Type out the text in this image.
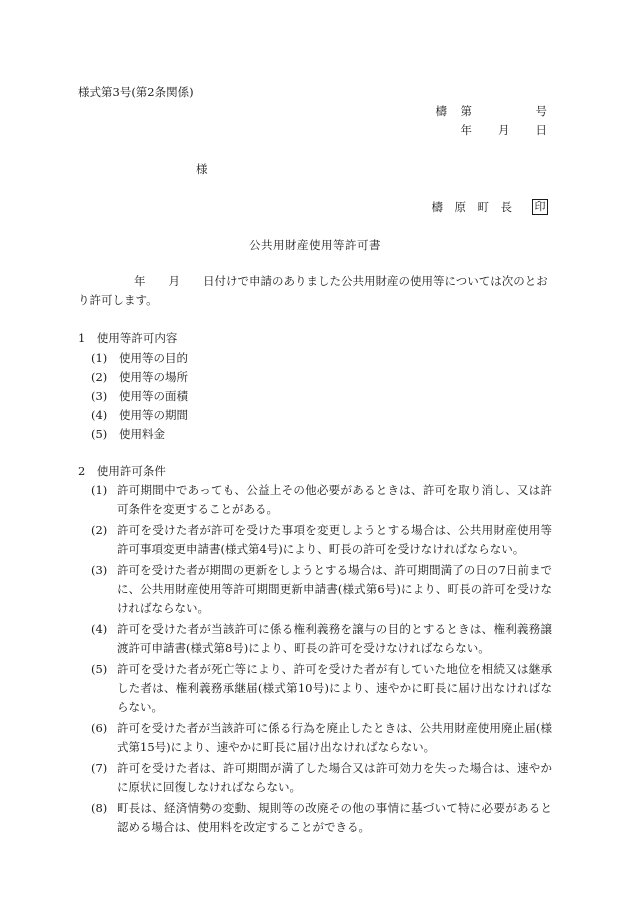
様式第3号(第2条関係)
檮　第　　　　　号
年　　月　　日
様
檮　原　町　長 印
公共用財産使用等許可書
年　　月　　日付けで申請のありました公共用財産の使用等については次のとおり許可します。
1　使用等許可内容
(1)	使用等の目的
(2)	使用等の場所
(3)	使用等の面積
(4)	使用等の期間
(5)	使用料金
2　使用許可条件
(1) 許可期間中であっても、公益上その他必要があるときは、許可を取り消し、又は許可条件を変更することがある。
(2) 許可を受けた者が許可を受けた事項を変更しようとする場合は、公共用財産使用等許可事項変更申請書(様式第4号)により、町長の許可を受けなければならない。
(3) 許可を受けた者が期間の更新をしようとする場合は、許可期間満了の日の7日前までに、公共用財産使用等許可期間更新申請書(様式第6号)により、町長の許可を受けなければならない。
(4) 許可を受けた者が当該許可に係る権利義務を譲与の目的とするときは、権利義務譲渡許可申請書(様式第8号)により、町長の許可を受けなければならない。
(5) 許可を受けた者が死亡等により、許可を受けた者が有していた地位を相続又は継承した者は、権利義務承継届(様式第10号)により、速やかに町長に届け出なければならない。
(6) 許可を受けた者が当該許可に係る行為を廃止したときは、公共用財産使用廃止届(様式第15号)により、速やかに町長に届け出なければならない。
(7) 許可を受けた者は、許可期間が満了した場合又は許可効力を失った場合は、速やかに原状に回復しなければならない。
(8) 町長は、経済情勢の変動、規則等の改廃その他の事情に基づいて特に必要があると認める場合は、使用料を改定することができる。
